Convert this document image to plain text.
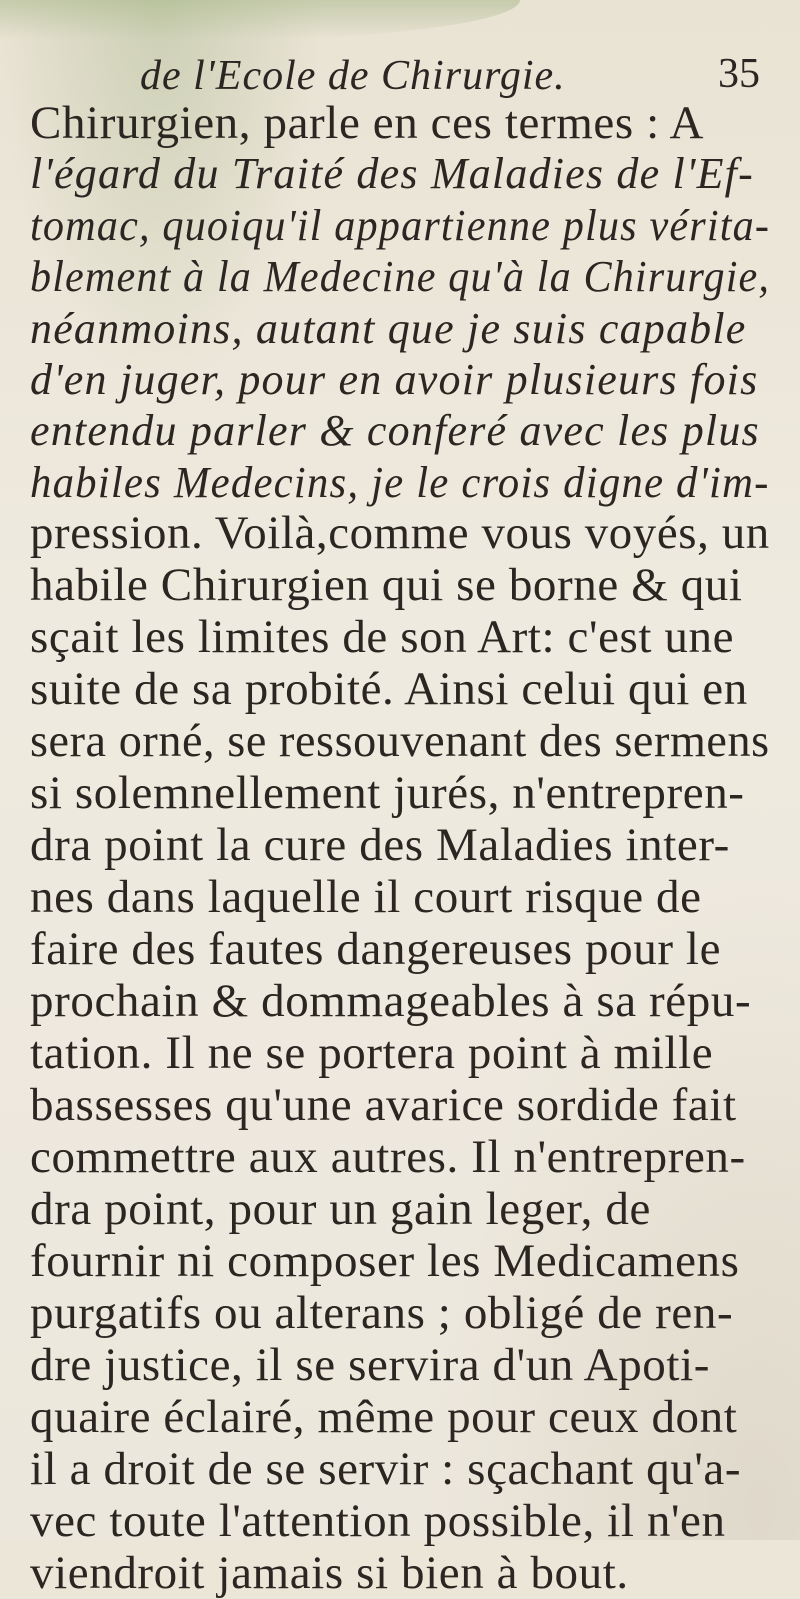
de l'Ecole de Chirurgie.	35
Chirurgien, parle en ces termes : A
l'égard du Traité des Maladies de l'Ef-
tomac, quoiqu'il appartienne plus vérita-
blement à la Medecine qu'à la Chirurgie,
néanmoins, autant que je suis capable
d'en juger, pour en avoir plusieurs fois
entendu parler & conferé avec les plus
habiles Medecins, je le crois digne d'im-
pression. Voilà,comme vous voyés, un
habile Chirurgien qui se borne & qui
sçait les limites de son Art: c'est une
suite de sa probité. Ainsi celui qui en
sera orné, se ressouvenant des sermens
si solemnellement jurés, n'entrepren-
dra point la cure des Maladies inter-
nes dans laquelle il court risque de
faire des fautes dangereuses pour le
prochain & dommageables à sa répu-
tation. Il ne se portera point à mille
bassesses qu'une avarice sordide fait
commettre aux autres. Il n'entrepren-
dra point, pour un gain leger, de
fournir ni composer les Medicamens
purgatifs ou alterans ; obligé de ren-
dre justice, il se servira d'un Apoti-
quaire éclairé, même pour ceux dont
il a droit de se servir : sçachant qu'a-
vec toute l'attention possible, il n'en
viendroit jamais si bien à bout.
